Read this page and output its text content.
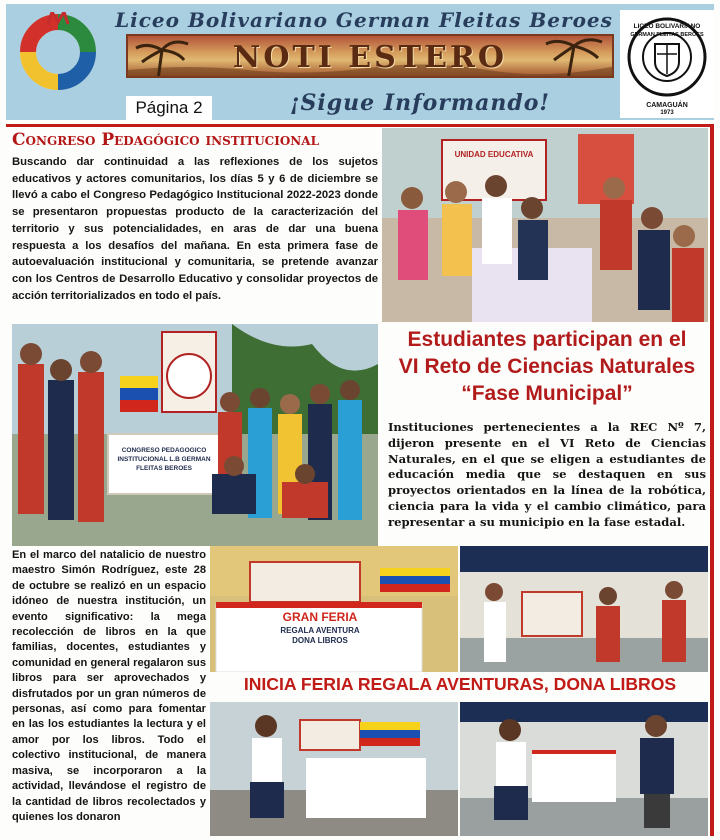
Liceo Bolivariano German Fleitas Beroes
NOTI ESTERO
Página 2	¡Sigue Informando!
LICEO BOLIVARIANO
GERMAN FLEITAS BEROES
CAMAGUÁN
1973
Congreso Pedagógico institucional
Buscando dar continuidad a las reflexiones de los sujetos educativos y actores comunitarios, los días 5 y 6 de diciembre se llevó a cabo el Congreso Pedagógico Institucional 2022-2023 donde se presentaron propuestas producto de la caracterización del territorio y sus potencialidades, en aras de dar una buena respuesta a los desafíos del mañana. En esta primera fase de autoevaluación institucional y comunitaria, se pretende avanzar con los Centros de Desarrollo Educativo y consolidar proyectos de acción territorializados en todo el país.
UNIDAD EDUCATIVA
CONGRESO PEDAGOGICO INSTITUCIONAL L.B GERMAN FLEITAS BEROES
Estudiantes participan en el
VI Reto de Ciencias Naturales
“Fase Municipal”
Instituciones pertenecientes a la REC Nº 7, dijeron presente en el VI Reto de Ciencias Naturales, en el que se eligen a estudiantes de educación media que se destaquen en sus proyectos orientados en la línea de la robótica, ciencia para la vida y el cambio climático, para representar a su municipio en la fase estadal.
En el marco del natalicio de nuestro maestro Simón Rodríguez, este 28 de octubre se realizó en un espacio idóneo de nuestra institución, un evento significativo: la mega recolección de libros en la que familias, docentes, estudiantes y comunidad en general regalaron sus libros para ser aprovechados y disfrutados por un gran números de personas, así como para fomentar en las los estudiantes la lectura y el amor por los libros. Todo el colectivo institucional, de manera masiva, se incorporaron a la actividad, llevándose el registro de la cantidad de libros recolectados y quienes los donaron
GRAN FERIA
REGALA AVENTURA
DONA LIBROS
INICIA FERIA REGALA AVENTURAS, DONA LIBROS
